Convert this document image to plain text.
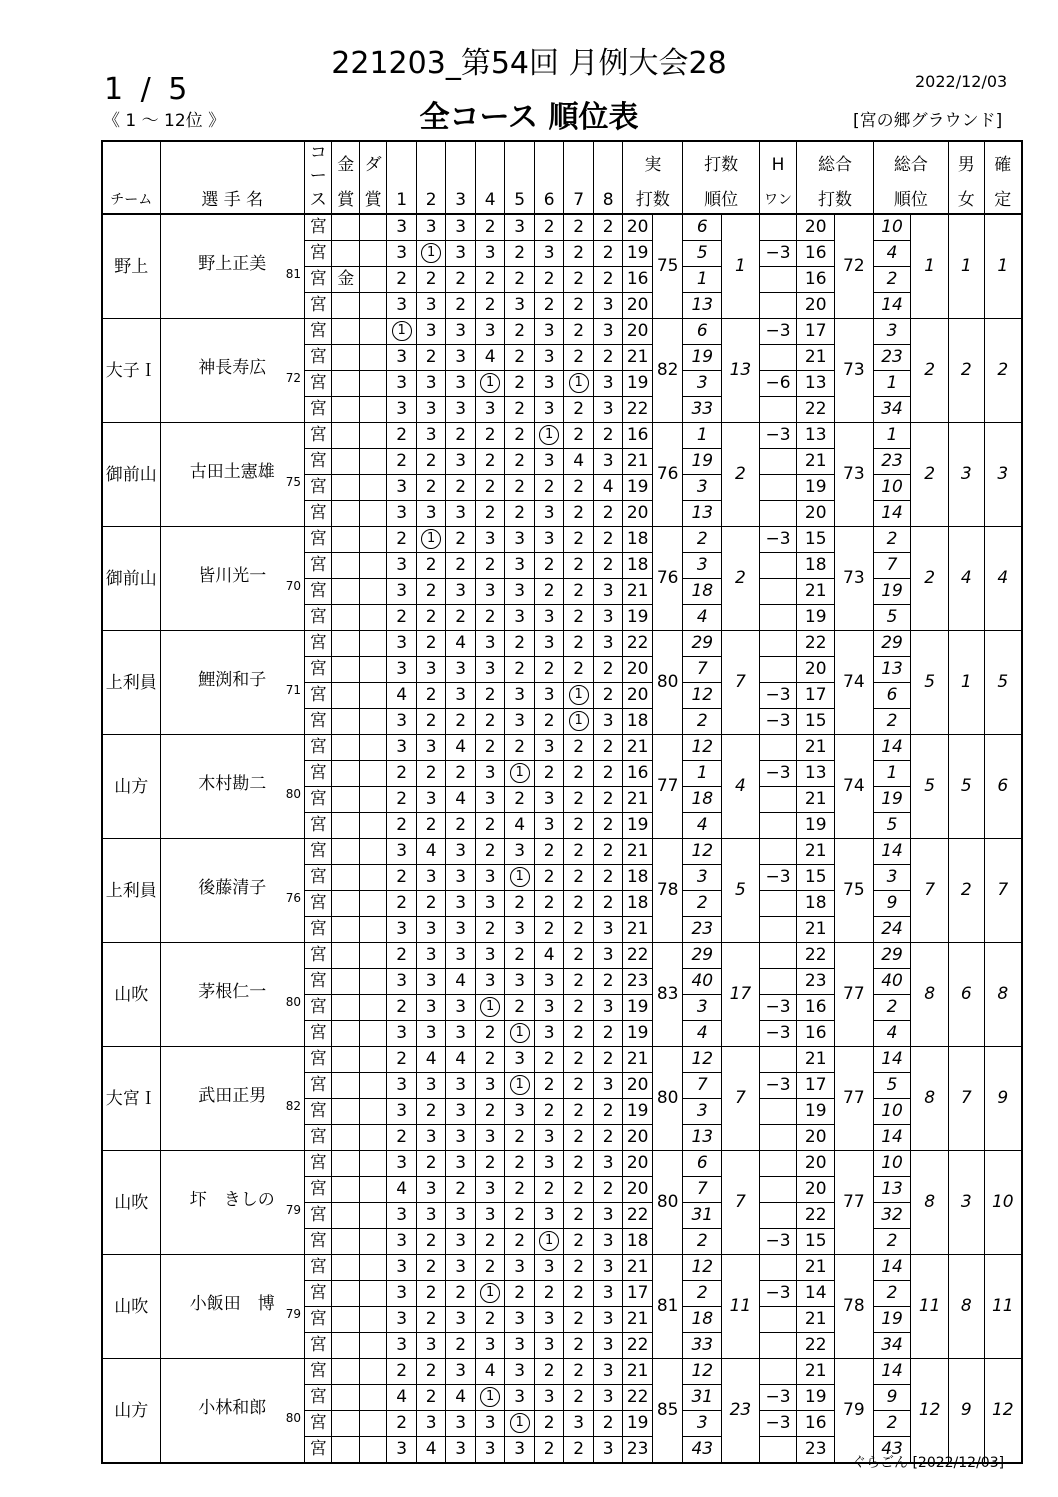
221203_第54回 月例大会28
1 / 5
《 1 ～ 12位 》	全コース 順位表
2022/12/03
[宮の郷グラウンド]
		コー	金	ダ									実		打数		H	総合		総合		男	確
チーム	選 手 名	ス	賞	賞	1	2	3	4	5	6	7	8	打数		順位		ワン	打数		順位		女	定
野上	野上正美 81	宮			3	3	3	2	3	2	2	2	20	75	6	1		20	72	10	1	1	1
		宮			3	1	3	3	2	3	2	2	19		5		−3	16		4			
		宮	金		2	2	2	2	2	2	2	2	16		1			16		2			
		宮			3	3	2	2	3	2	2	3	20		13			20		14			
大子Ｉ	神長寿広 72	宮			1	3	3	3	2	3	2	3	20	82	6	13	−3	17	73	3	2	2	2
		宮			3	2	3	4	2	3	2	2	21		19			21		23			
		宮			3	3	3	1	2	3	1	3	19		3		−6	13		1			
		宮			3	3	3	3	2	3	2	3	22		33			22		34			
御前山	古田土憲雄 75	宮			2	3	2	2	2	1	2	2	16	76	1	2	−3	13	73	1	2	3	3
		宮			2	2	3	2	2	3	4	3	21		19			21		23			
		宮			3	2	2	2	2	2	2	4	19		3			19		10			
		宮			3	3	3	2	2	3	2	2	20		13			20		14			
御前山	皆川光一 70	宮			2	1	2	3	3	3	2	2	18	76	2	2	−3	15	73	2	2	4	4
		宮			3	2	2	2	3	2	2	2	18		3			18		7			
		宮			3	2	3	3	3	2	2	3	21		18			21		19			
		宮			2	2	2	2	3	3	2	3	19		4			19		5			
上利員	鯉渕和子 71	宮			3	2	4	3	2	3	2	3	22	80	29	7		22	74	29	5	1	5
		宮			3	3	3	3	2	2	2	2	20		7			20		13			
		宮			4	2	3	2	3	3	1	2	20		12		−3	17		6			
		宮			3	2	2	2	3	2	1	3	18		2		−3	15		2			
山方	木村勘二 80	宮			3	3	4	2	2	3	2	2	21	77	12	4		21	74	14	5	5	6
		宮			2	2	2	3	1	2	2	2	16		1		−3	13		1			
		宮			2	3	4	3	2	3	2	2	21		18			21		19			
		宮			2	2	2	2	4	3	2	2	19		4			19		5			
上利員	後藤清子 76	宮			3	4	3	2	3	2	2	2	21	78	12	5		21	75	14	7	2	7
		宮			2	3	3	3	1	2	2	2	18		3		−3	15		3			
		宮			2	2	3	3	2	2	2	2	18		2			18		9			
		宮			3	3	3	2	3	2	2	3	21		23			21		24			
山吹	茅根仁一 80	宮			2	3	3	3	2	4	2	3	22	83	29	17		22	77	29	8	6	8
		宮			3	3	4	3	3	3	2	2	23		40			23		40			
		宮			2	3	3	1	2	3	2	3	19		3		−3	16		2			
		宮			3	3	3	2	1	3	2	2	19		4		−3	16		4			
大宮Ｉ	武田正男 82	宮			2	4	4	2	3	2	2	2	21	80	12	7		21	77	14	8	7	9
		宮			3	3	3	3	1	2	2	3	20		7		−3	17		5			
		宮			3	2	3	2	3	2	2	2	19		3			19		10			
		宮			2	3	3	3	2	3	2	2	20		13			20		14			
山吹	圷　きしの 79	宮			3	2	3	2	2	3	2	3	20	80	6	7		20	77	10	8	3	10
		宮			4	3	2	3	2	2	2	2	20		7			20		13			
		宮			3	3	3	3	2	3	2	3	22		31			22		32			
		宮			3	2	3	2	2	1	2	3	18		2		−3	15		2			
山吹	小飯田　博 79	宮			3	2	3	2	3	3	2	3	21	81	12	11		21	78	14	11	8	11
		宮			3	2	2	1	2	2	2	3	17		2		−3	14		2			
		宮			3	2	3	2	3	3	2	3	21		18			21		19			
		宮			3	3	2	3	3	3	2	3	22		33			22		34			
山方	小林和郎 80	宮			2	2	3	4	3	2	2	3	21	85	12	23		21	79	14	12	9	12
		宮			4	2	4	1	3	3	2	3	22		31		−3	19		9			
		宮			2	3	3	3	1	2	3	2	19		3		−3	16		2			
		宮			3	4	3	3	3	2	2	3	23		43			23		43			
ぐらごん [2022/12/03]
